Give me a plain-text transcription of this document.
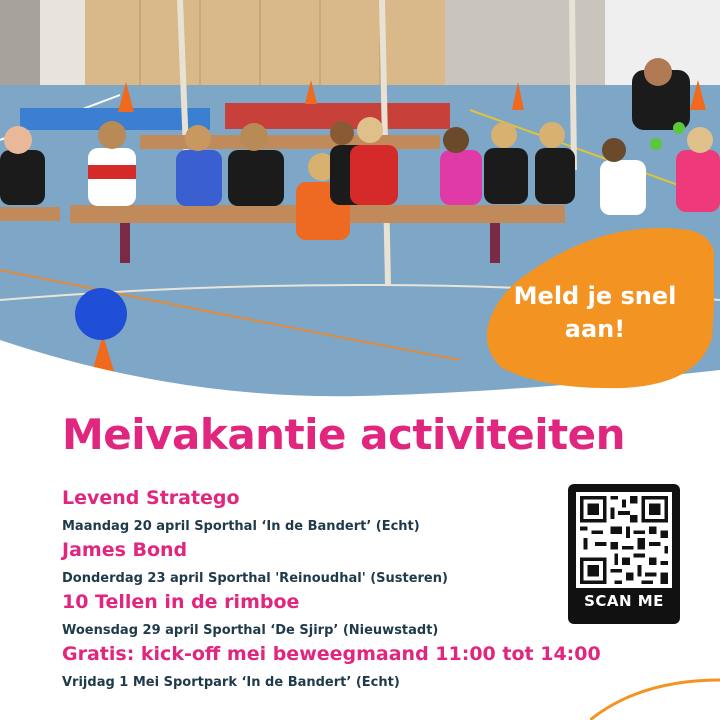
Meld je snel
aan!
Meivakantie activiteiten
Levend Stratego
Maandag 20 april Sporthal ‘In de Bandert’ (Echt)
James Bond
Donderdag 23 april Sporthal 'Reinoudhal' (Susteren)
10 Tellen in de rimboe
Woensdag 29 april Sporthal ‘De Sjirp’ (Nieuwstadt)
Gratis: kick-off mei beweegmaand 11:00 tot 14:00
Vrijdag 1 Mei Sportpark ‘In de Bandert’ (Echt)
SCAN ME
